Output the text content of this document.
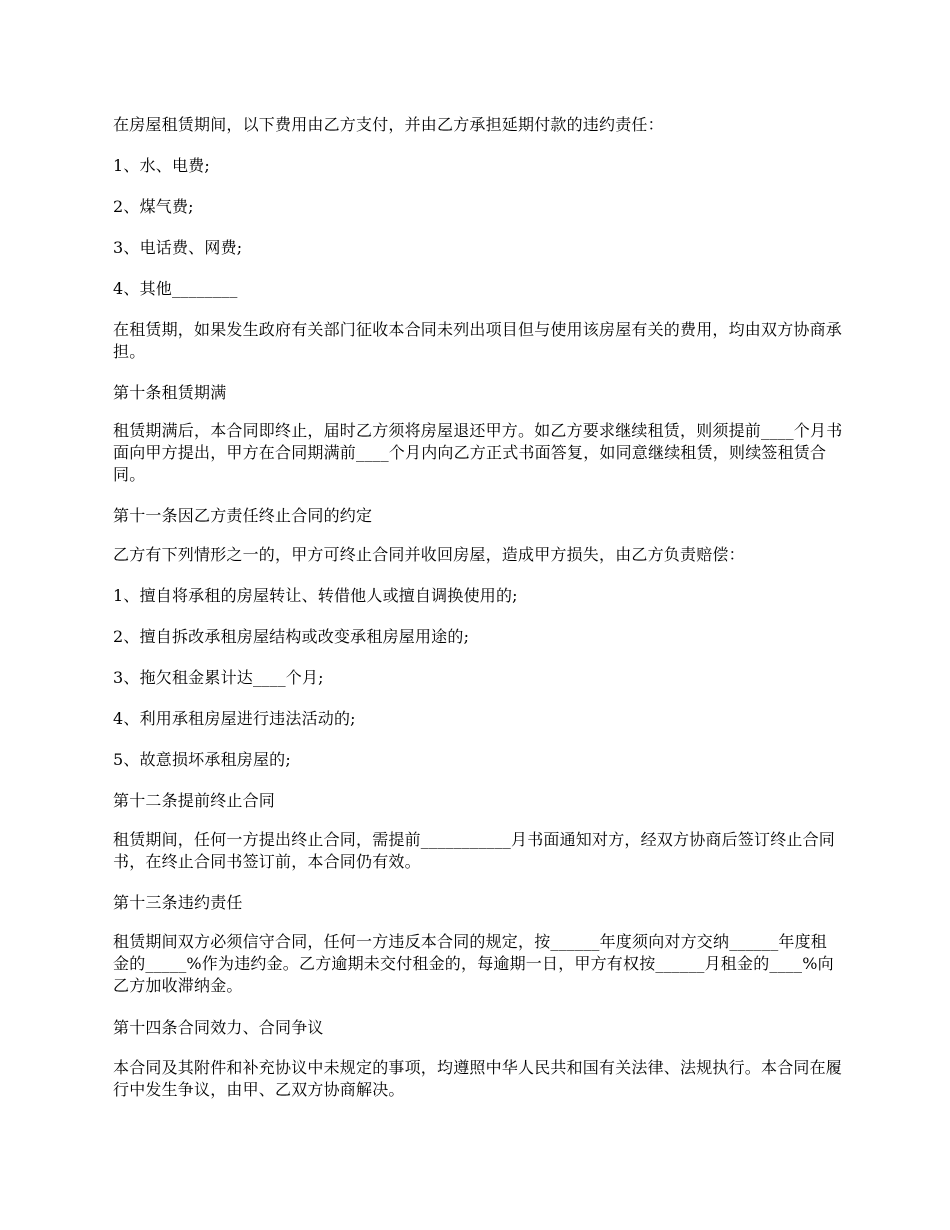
在房屋租赁期间，以下费用由乙方支付，并由乙方承担延期付款的违约责任：

1、水、电费;

2、煤气费;

3、电话费、网费;

4、其他________

在租赁期，如果发生政府有关部门征收本合同未列出项目但与使用该房屋有关的费用，均由双方协商承担。

第十条租赁期满

租赁期满后，本合同即终止，届时乙方须将房屋退还甲方。如乙方要求继续租赁，则须提前____个月书面向甲方提出，甲方在合同期满前____个月内向乙方正式书面答复，如同意继续租赁，则续签租赁合同。

第十一条因乙方责任终止合同的约定

乙方有下列情形之一的，甲方可终止合同并收回房屋，造成甲方损失，由乙方负责赔偿：

1、擅自将承租的房屋转让、转借他人或擅自调换使用的;

2、擅自拆改承租房屋结构或改变承租房屋用途的;

3、拖欠租金累计达____个月;

4、利用承租房屋进行违法活动的;

5、故意损坏承租房屋的;

第十二条提前终止合同

租赁期间，任何一方提出终止合同，需提前___________月书面通知对方，经双方协商后签订终止合同书，在终止合同书签订前，本合同仍有效。

第十三条违约责任

租赁期间双方必须信守合同，任何一方违反本合同的规定，按______年度须向对方交纳______年度租金的_____%作为违约金。乙方逾期未交付租金的，每逾期一日，甲方有权按______月租金的____%向乙方加收滞纳金。

第十四条合同效力、合同争议

本合同及其附件和补充协议中未规定的事项，均遵照中华人民共和国有关法律、法规执行。本合同在履行中发生争议，由甲、乙双方协商解决。
